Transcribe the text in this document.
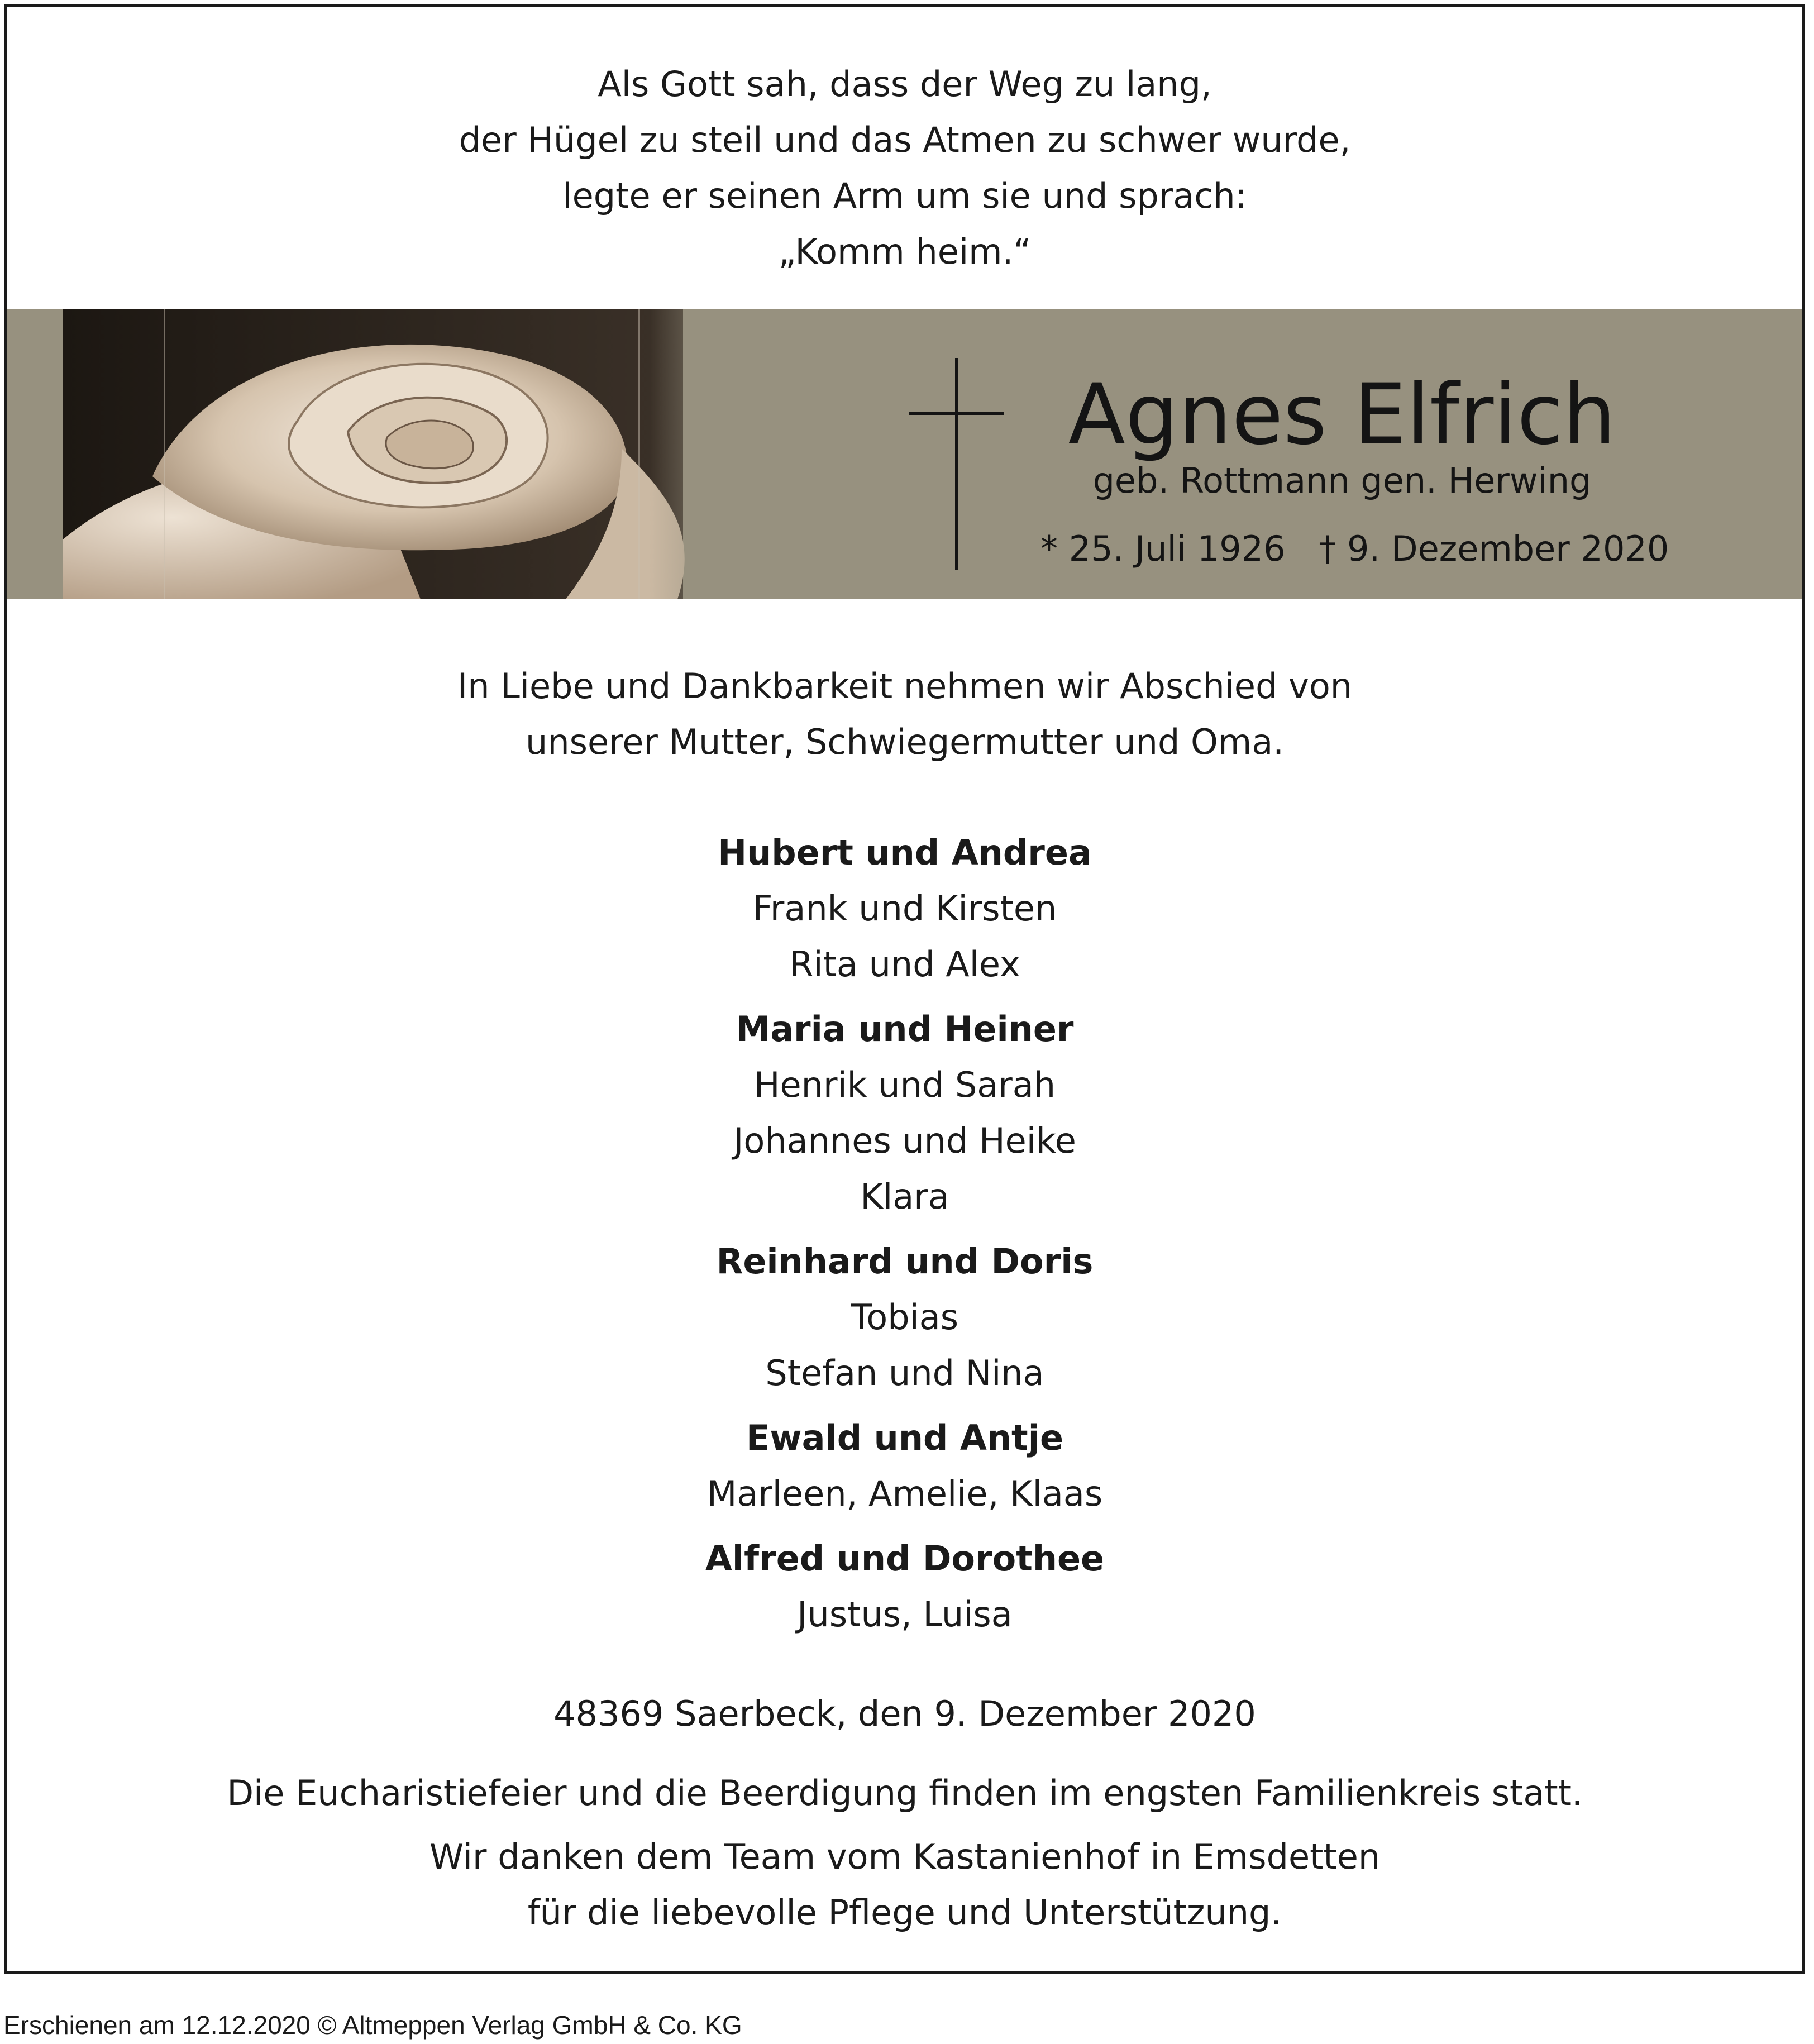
Als Gott sah, dass der Weg zu lang,
der Hügel zu steil und das Atmen zu schwer wurde,
legte er seinen Arm um sie und sprach:
„Komm heim.“
Agnes Elfrich
geb. Rottmann gen. Herwing
* 25. Juli 1926 † 9. Dezember 2020
In Liebe und Dankbarkeit nehmen wir Abschied von
unserer Mutter, Schwiegermutter und Oma.
Hubert und Andrea
Frank und Kirsten
Rita und Alex
Maria und Heiner
Henrik und Sarah
Johannes und Heike
Klara
Reinhard und Doris
Tobias
Stefan und Nina
Ewald und Antje
Marleen, Amelie, Klaas
Alfred und Dorothee
Justus, Luisa
48369 Saerbeck, den 9. Dezember 2020
Die Eucharistiefeier und die Beerdigung finden im engsten Familienkreis statt.
Wir danken dem Team vom Kastanienhof in Emsdetten
für die liebevolle Pflege und Unterstützung.
Erschienen am 12.12.2020 © Altmeppen Verlag GmbH & Co. KG
